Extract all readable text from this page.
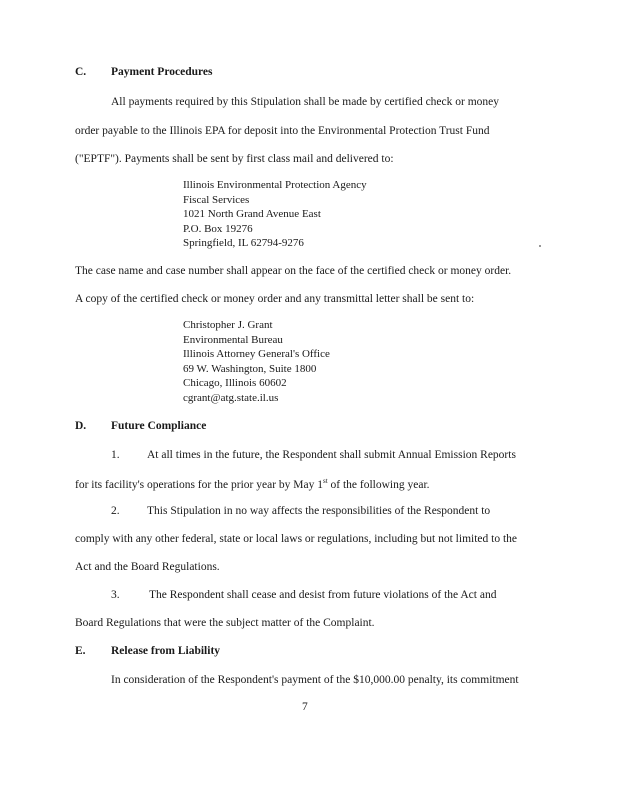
C. Payment Procedures
All payments required by this Stipulation shall be made by certified check or money
order payable to the Illinois EPA for deposit into the Environmental Protection Trust Fund
("EPTF"). Payments shall be sent by first class mail and delivered to:
Illinois Environmental Protection Agency
Fiscal Services
1021 North Grand Avenue East
P.O. Box 19276
Springfield, IL 62794-9276
The case name and case number shall appear on the face of the certified check or money order.
A copy of the certified check or money order and any transmittal letter shall be sent to:
Christopher J. Grant
Environmental Bureau
Illinois Attorney General's Office
69 W. Washington, Suite 1800
Chicago, Illinois 60602
cgrant@atg.state.il.us
D. Future Compliance
1. At all times in the future, the Respondent shall submit Annual Emission Reports
for its facility's operations for the prior year by May 1st of the following year.
2. This Stipulation in no way affects the responsibilities of the Respondent to
comply with any other federal, state or local laws or regulations, including but not limited to the
Act and the Board Regulations.
3.	The Respondent shall cease and desist from future violations of the Act and
Board Regulations that were the subject matter of the Complaint.
E. Release from Liability
In consideration of the Respondent's payment of the $10,000.00 penalty, its commitment
7
